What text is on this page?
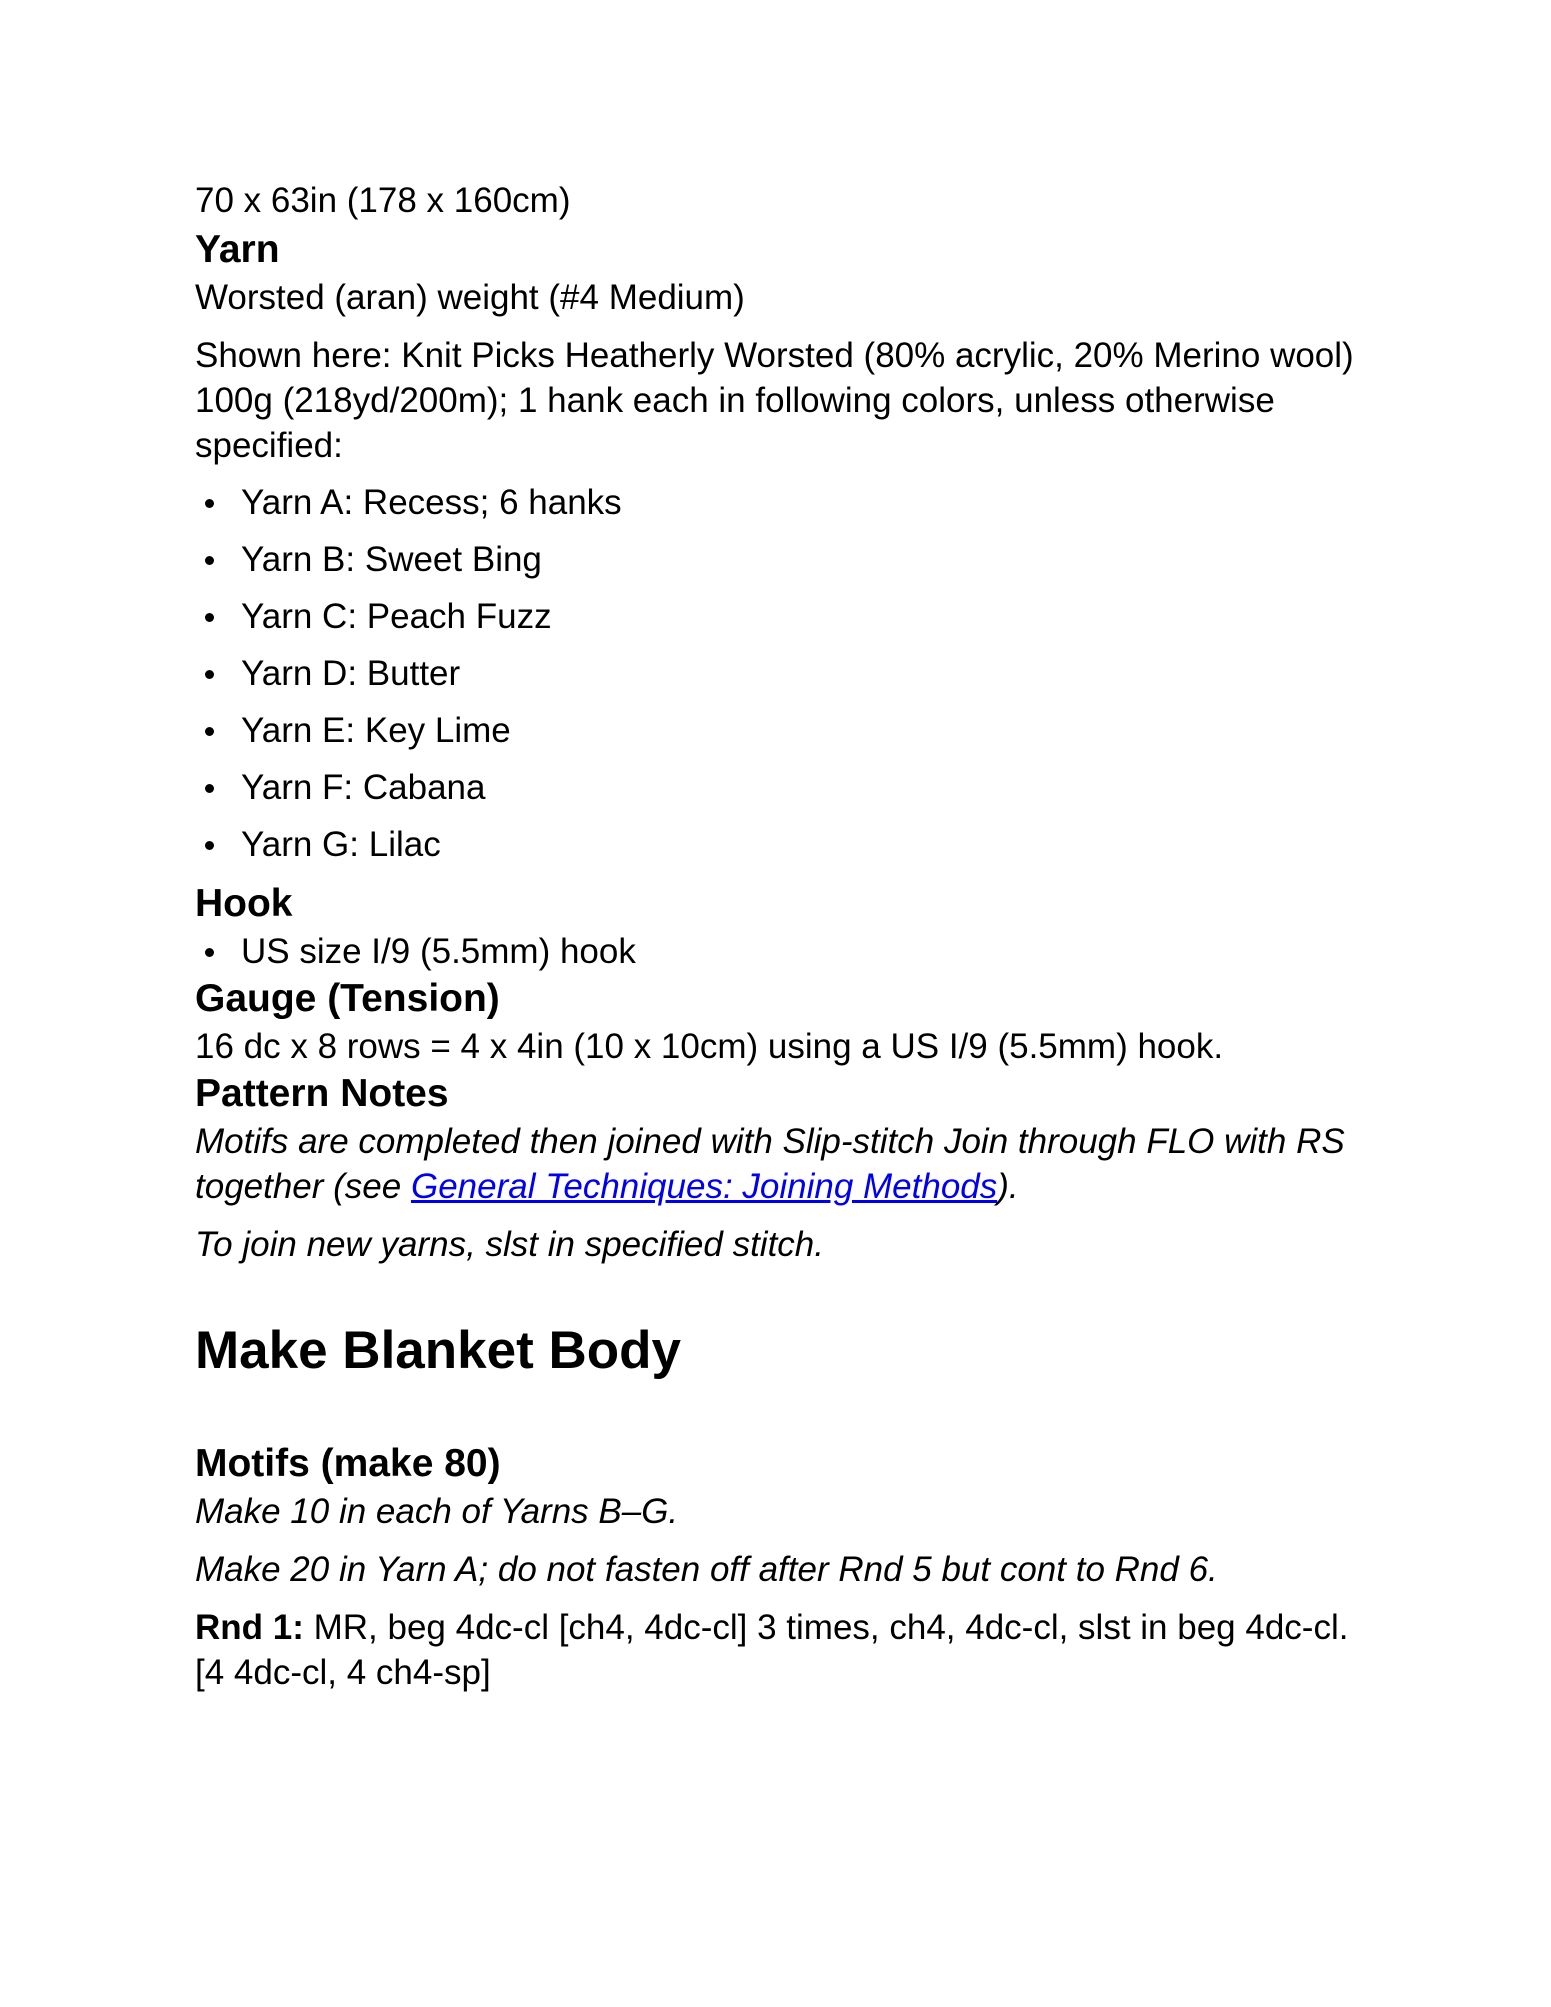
70 x 63in (178 x 160cm)

Yarn

Worsted (aran) weight (#4 Medium)

Shown here: Knit Picks Heatherly Worsted (80% acrylic, 20% Merino wool) 100g (218yd/200m); 1 hank each in following colors, unless otherwise specified:

Yarn A: Recess; 6 hanks
Yarn B: Sweet Bing
Yarn C: Peach Fuzz
Yarn D: Butter
Yarn E: Key Lime
Yarn F: Cabana
Yarn G: Lilac
Hook
US size I/9 (5.5mm) hook
Gauge (Tension)

16 dc x 8 rows = 4 x 4in (10 x 10cm) using a US I/9 (5.5mm) hook.

Pattern Notes

Motifs are completed then joined with Slip-stitch Join through FLO with RS together (see General Techniques: Joining Methods).

To join new yarns, slst in specified stitch.

Make Blanket Body
Motifs (make 80)

Make 10 in each of Yarns B–G.

Make 20 in Yarn A; do not fasten off after Rnd 5 but cont to Rnd 6.

Rnd 1: MR, beg 4dc-cl [ch4, 4dc-cl] 3 times, ch4, 4dc-cl, slst in beg 4dc-cl. [4 4dc-cl, 4 ch4-sp]
